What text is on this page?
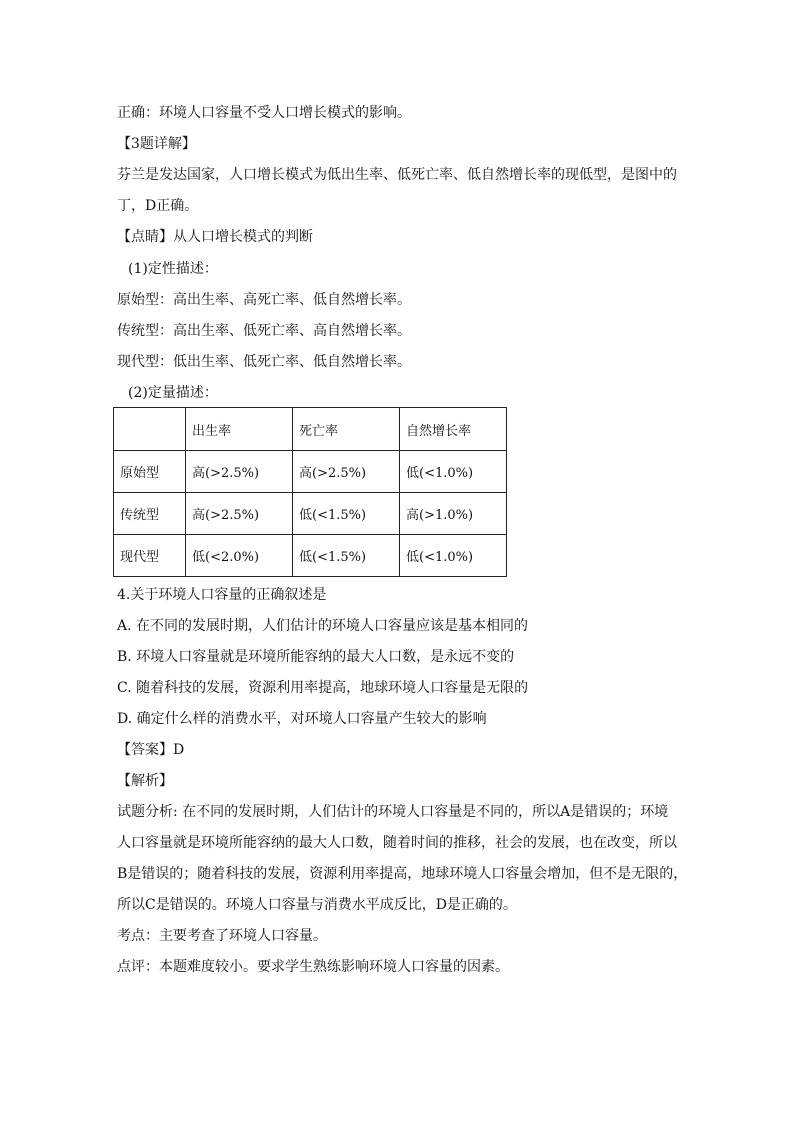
正确：环境人口容量不受人口增长模式的影响。
【3题详解】
芬兰是发达国家，人口增长模式为低出生率、低死亡率、低自然增长率的现低型，是图中的
丁，D正确。
【点睛】从人口增长模式的判断
(1)定性描述：
原始型：高出生率、高死亡率、低自然增长率。
传统型：高出生率、低死亡率、高自然增长率。
现代型：低出生率、低死亡率、低自然增长率。
(2)定量描述：
	出生率	死亡率	自然增长率
原始型	高(>2.5%)	高(>2.5%)	低(<1.0%)
传统型	高(>2.5%)	低(<1.5%)	高(>1.0%)
现代型	低(<2.0%)	低(<1.5%)	低(<1.0%)
4.关于环境人口容量的正确叙述是
A. 在不同的发展时期，人们估计的环境人口容量应该是基本相同的
B. 环境人口容量就是环境所能容纳的最大人口数，是永远不变的
C. 随着科技的发展，资源利用率提高，地球环境人口容量是无限的
D. 确定什么样的消费水平，对环境人口容量产生较大的影响
【答案】D
【解析】
试题分析: 在不同的发展时期，人们估计的环境人口容量是不同的，所以A是错误的；环境
人口容量就是环境所能容纳的最大人口数，随着时间的推移，社会的发展，也在改变，所以
B是错误的；随着科技的发展，资源利用率提高，地球环境人口容量会增加，但不是无限的，
所以C是错误的。环境人口容量与消费水平成反比，D是正确的。
考点：主要考查了环境人口容量。
点评：本题难度较小。要求学生熟练影响环境人口容量的因素。
